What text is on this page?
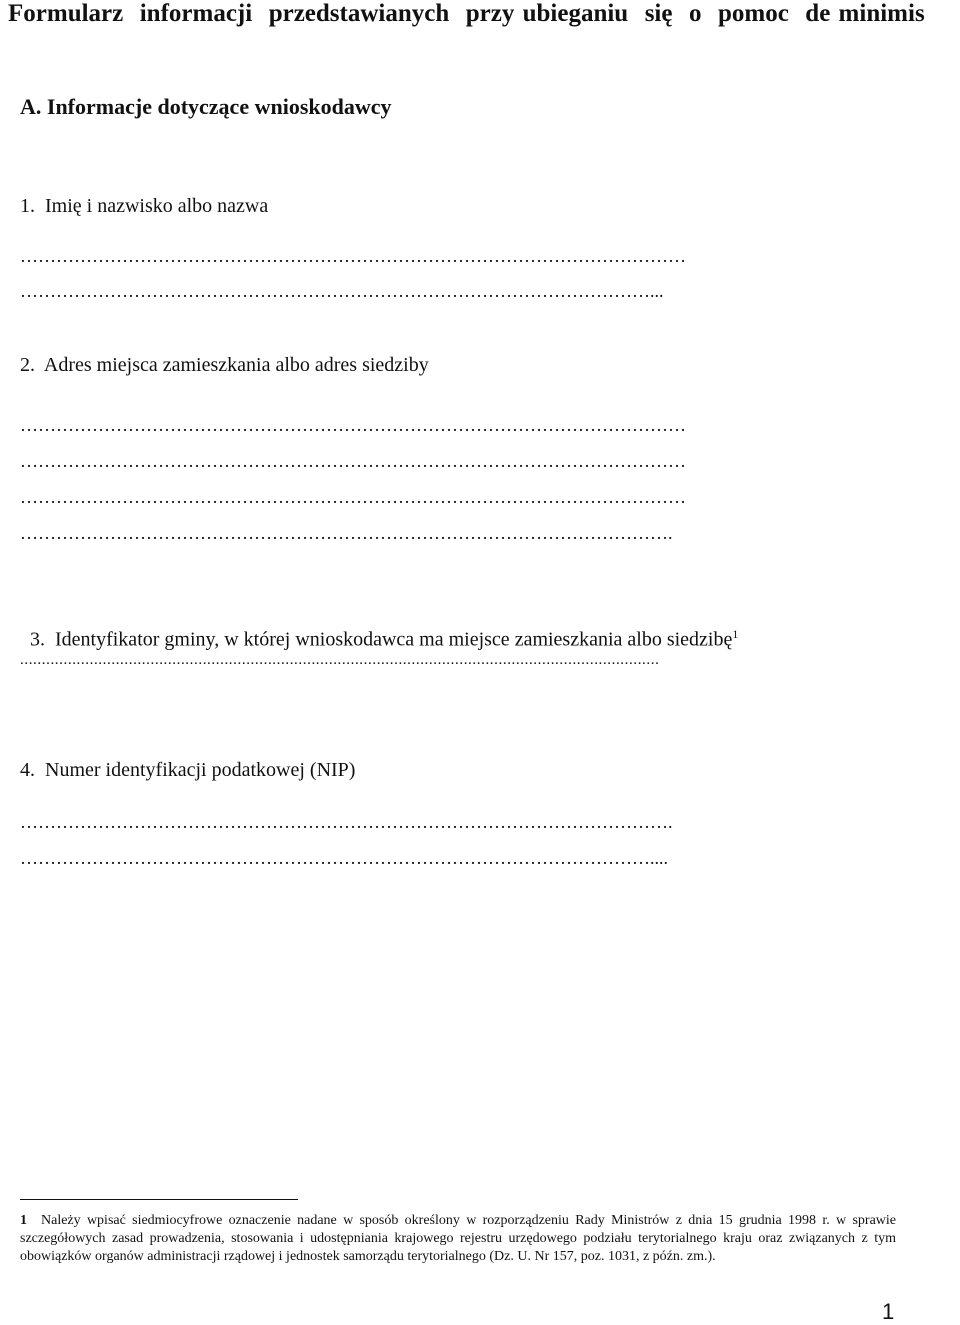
Formularz  informacji  przedstawianych  przy ubieganiu  się  o  pomoc  de minimis
A. Informacje dotyczące wnioskodawcy
1.  Imię i nazwisko albo nazwa
…………………………………………………………………………………………………
……………………………………………………………………………………………...
2.  Adres miejsca zamieszkania albo adres siedziby
…………………………………………………………………………………………………
…………………………………………………………………………………………………
…………………………………………………………………………………………………
……………………………………………………………………………………………….

3.  Identyfikator gminy, w której wnioskodawca ma miejsce zamieszkania albo siedzibę$^1$

...................................................................................................................................................
4.  Numer identyfikacji podatkowej (NIP)
……………………………………………………………………………………………….
……………………………………………………………………………………………....
1 Należy wpisać siedmiocyfrowe oznaczenie nadane w sposób określony w rozporządzeniu Rady Ministrów z dnia 15 grudnia 1998 r. w sprawie szczegółowych zasad prowadzenia, stosowania i udostępniania krajowego rejestru urzędowego podziału terytorialnego kraju oraz związanych z tym obowiązków organów administracji rządowej i jednostek samorządu terytorialnego (Dz. U. Nr 157, poz. 1031, z późn. zm.).
1
